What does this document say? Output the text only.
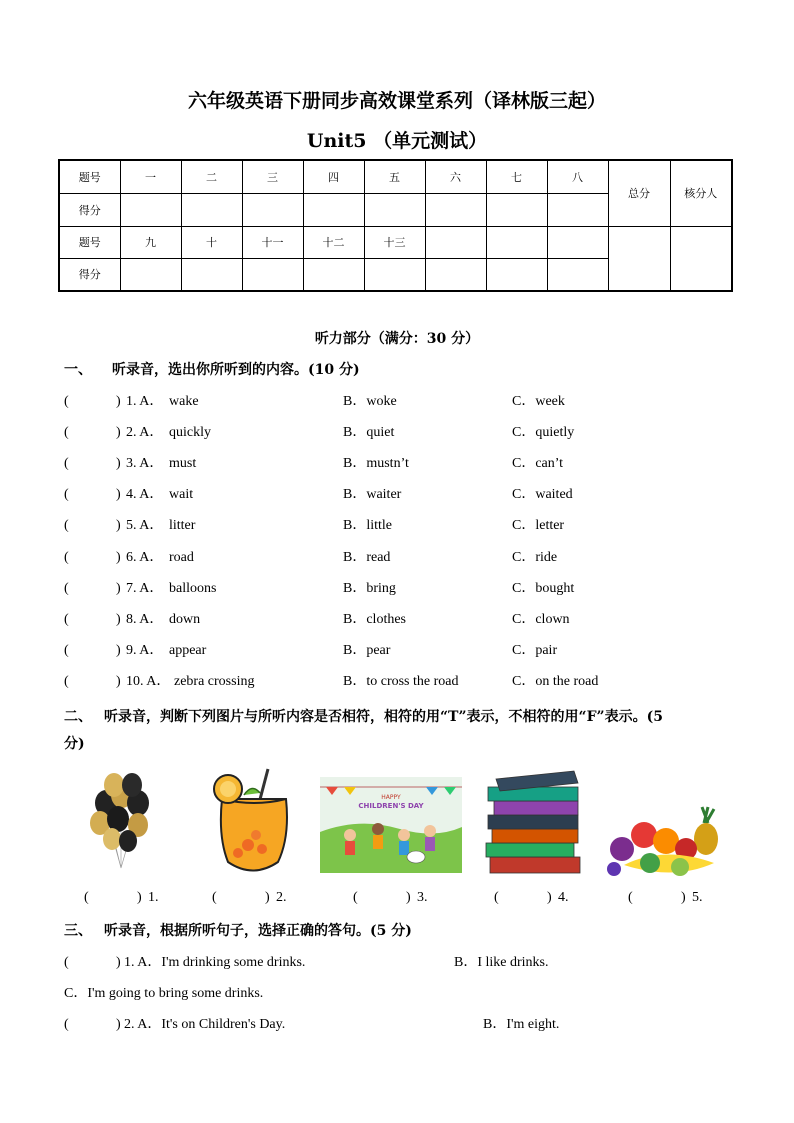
六年级英语下册同步高效课堂系列（译林版三起）
Unit5 （单元测试）
题号	一	二	三	四	五	六	七	八	总分	核分人
得分										
题号	九	十	十一	十二	十三					
得分										
听力部分（满分：30 分）
一、 听录音，选出你所听到的内容。(10 分)
(	) 1. A． wake	B．woke	C．week
(	) 2. A． quickly	B．quiet	C．quietly
(	) 3. A． must	B．mustn’t	C．can’t
(	) 4. A． wait	B．waiter	C．waited
(	) 5. A． litter	B．little	C．letter
(	) 6. A． road	B．read	C．ride
(	) 7. A． balloons	B．bring	C．bought
(	) 8. A． down	B．clothes	C．clown
(	) 9. A． appear	B．pear	C．pair
(	) 10. A． zebra crossing	B．to cross the road	C．on the road
二、 听录音，判断下列图片与所听内容是否相符，相符的用“T”表示，不相符的用“F”表示。(5
分)
HAPPY
CHILDREN'S DAY
(	) 1.	(	) 2.	(	) 3.	(	) 4.	(	) 5.
三、 听录音，根据所听句子，选择正确的答句。(5 分)
(	) 1. A．I'm drinking some drinks.	B．I like drinks.
C．I'm going to bring some drinks.
(	) 2. A．It's on Children's Day.	B．I'm eight.
